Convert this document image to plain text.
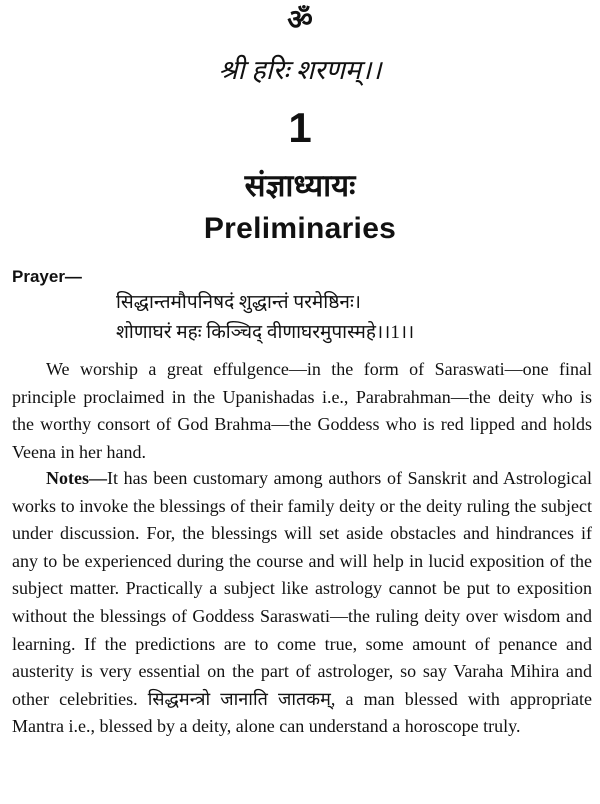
ॐ
श्री हरिः शरणम्।।
1
संज्ञाध्यायः
Preliminaries
Prayer—
सिद्धान्तमौपनिषदं शुद्धान्तं परमेष्ठिनः।
शोणाघरं महः किञ्चिद् वीणाघरमुपास्महे।।1।।

We worship a great effulgence—in the form of Saraswati—one final principle proclaimed in the Upanishadas i.e., Parabrahman—the deity who is the worthy consort of God Brahma—the Goddess who is red lipped and holds Veena in her hand.

Notes—It has been customary among authors of Sanskrit and Astrological works to invoke the blessings of their family deity or the deity ruling the subject under discussion. For, the blessings will set aside obstacles and hindrances if any to be experienced during the course and will help in lucid exposition of the subject matter. Practically a subject like astrology cannot be put to exposition without the blessings of Goddess Saraswati—the ruling deity over wisdom and learning. If the predictions are to come true, some amount of penance and austerity is very essential on the part of astrologer, so say Varaha Mihira and other celebrities. सिद्धमन्त्रो जानाति जातकम्, a man blessed with appropriate Mantra i.e., blessed by a deity, alone can understand a horoscope truly.
